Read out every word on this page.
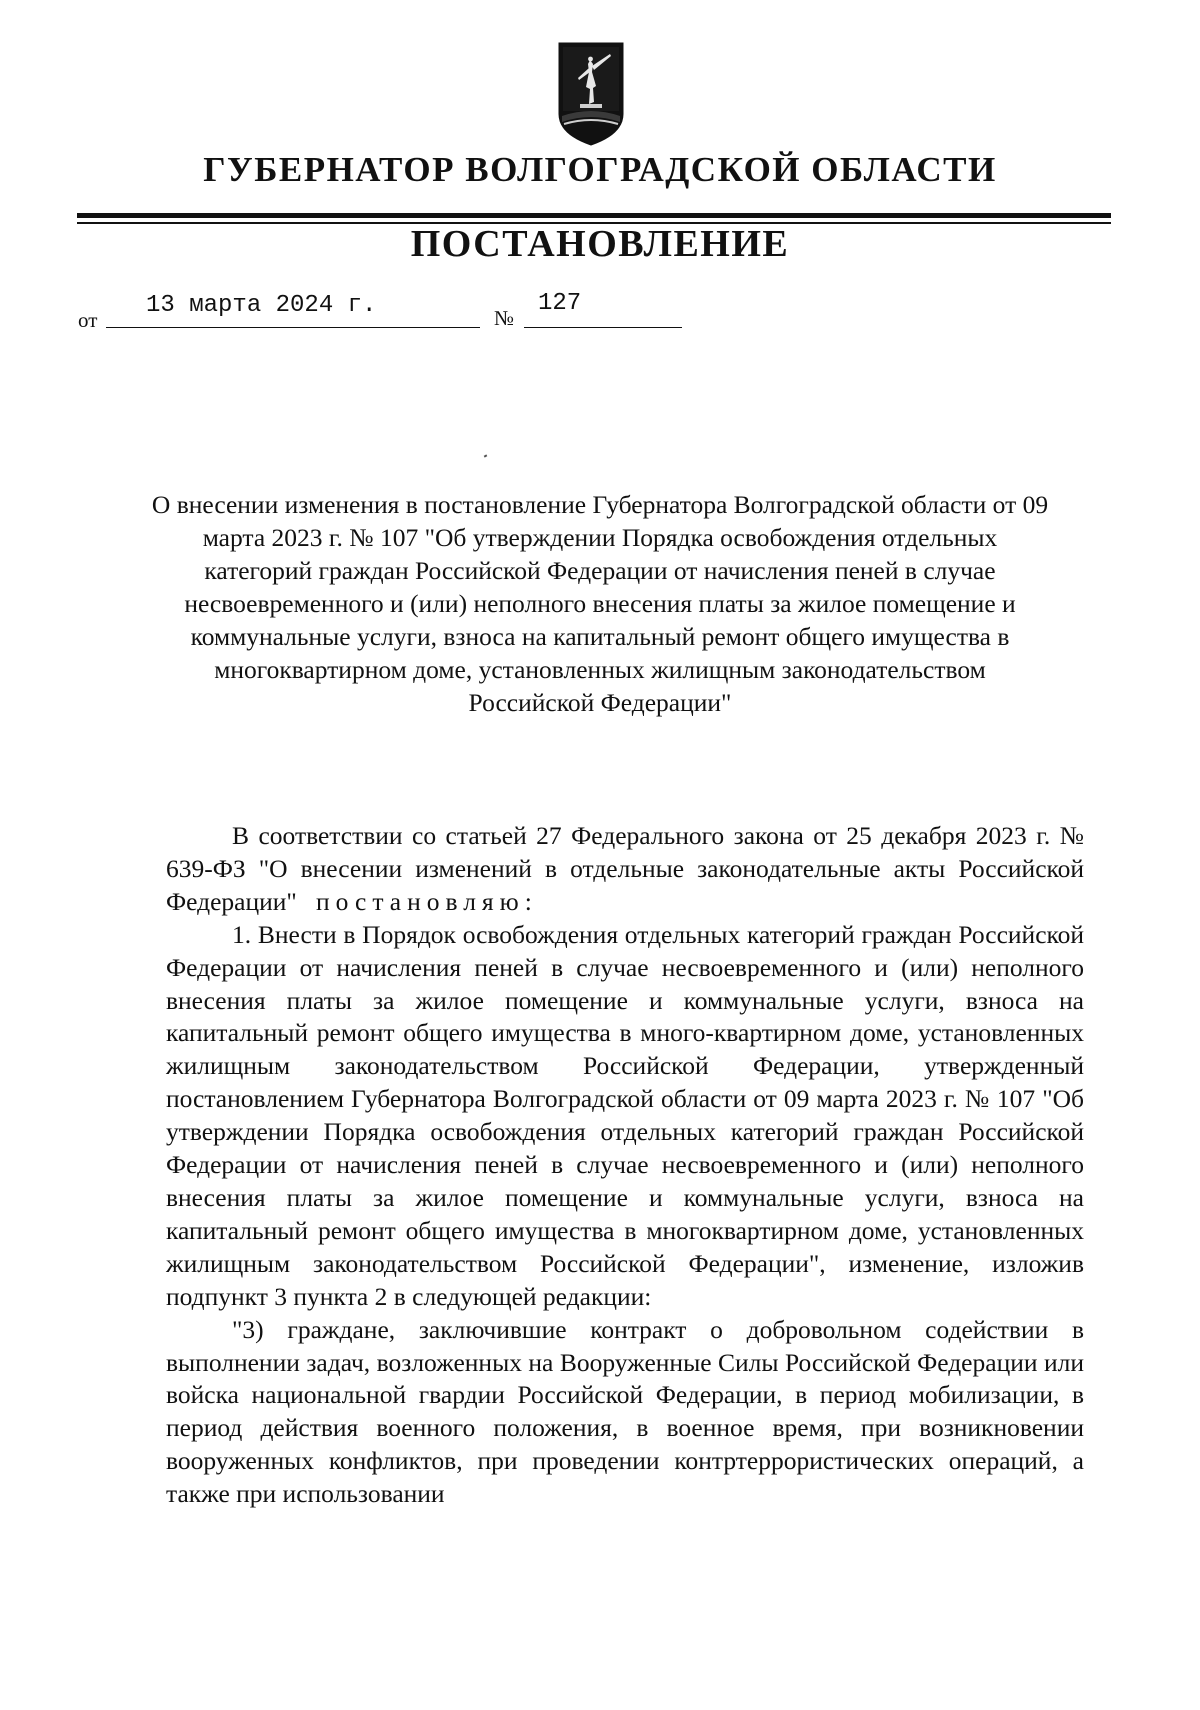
ГУБЕРНАТОР ВОЛГОГРАДСКОЙ ОБЛАСТИ
ПОСТАНОВЛЕНИЕ
от
13 марта 2024 г.	№
127
О внесении изменения в постановление Губернатора Волгоградской области от 09 марта 2023 г. № 107 "Об утверждении Порядка освобождения отдельных категорий граждан Российской Федерации от начисления пеней в случае несвоевременного и (или) неполного внесения платы за жилое помещение и коммунальные услуги, взноса на капитальный ремонт общего имущества в многоквартирном доме, установленных жилищным законодательством Российской Федерации"

В соответствии со статьей 27 Федерального закона от 25 декабря 2023 г. № 639-ФЗ "О внесении изменений в отдельные законодательные акты Российской Федерации" постановляю:

1. Внести в Порядок освобождения отдельных категорий граждан Российской Федерации от начисления пеней в случае несвоевременного и (или) неполного внесения платы за жилое помещение и коммунальные услуги, взноса на капитальный ремонт общего имущества в много-квартирном доме, установленных жилищным законодательством Российской Федерации, утвержденный постановлением Губернатора Волгоградской области от 09 марта 2023 г. № 107 "Об утверждении Порядка освобождения отдельных категорий граждан Российской Федерации от начисления пеней в случае несвоевременного и (или) неполного внесения платы за жилое помещение и коммунальные услуги, взноса на капитальный ремонт общего имущества в многоквартирном доме, установленных жилищным законодательством Российской Федерации", изменение, изложив подпункт 3 пункта 2 в следующей редакции:

"3) граждане, заключившие контракт о добровольном содействии в выполнении задач, возложенных на Вооруженные Силы Российской Федерации или войска национальной гвардии Российской Федерации, в период мобилизации, в период действия военного положения, в военное время, при возникновении вооруженных конфликтов, при проведении контртеррористических операций, а также при использовании
